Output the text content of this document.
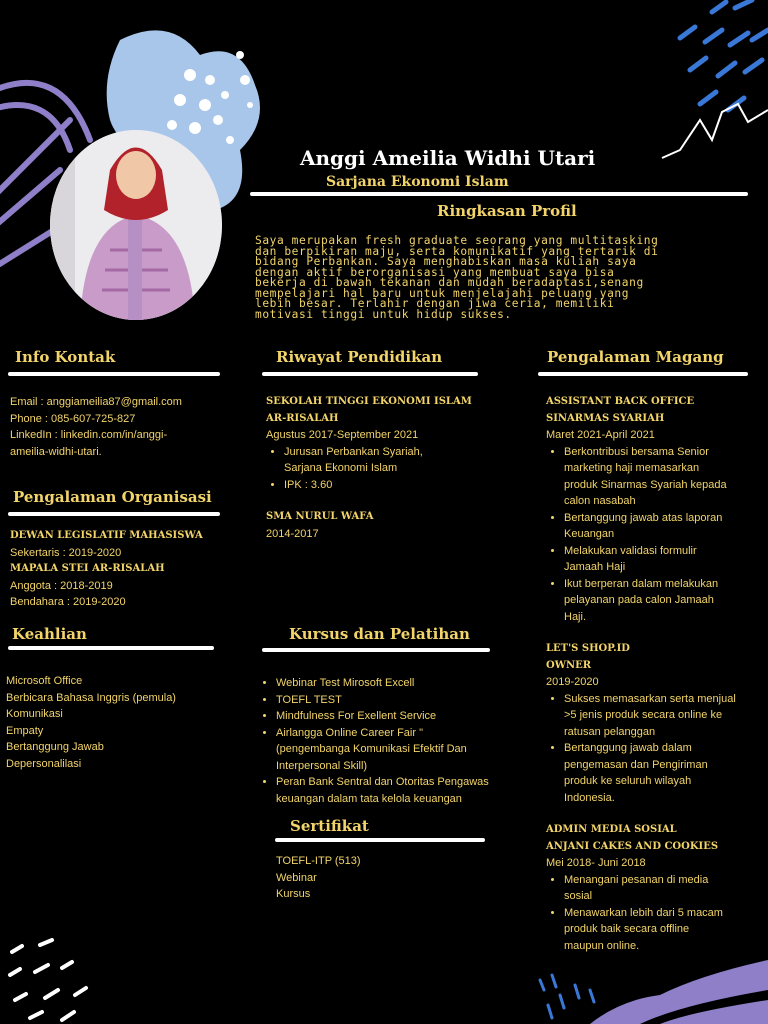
Anggi Ameilia Widhi Utari
Sarjana Ekonomi Islam
Ringkasan Profil
Saya merupakan fresh graduate seorang yang multitasking
dan berpikiran maju, serta komunikatif yang tertarik di
bidang Perbankan. Saya menghabiskan masa kuliah saya
dengan aktif berorganisasi yang membuat saya bisa
bekerja di bawah tekanan dan mudah beradaptasi,senang
mempelajari hal baru untuk menjelajahi peluang yang
lebih besar. Terlahir dengan jiwa ceria, memiliki
motivasi tinggi untuk hidup sukses.
Info Kontak
Email : anggiameilia87@gmail.com
Phone : 085-607-725-827
LinkedIn : linkedin.com/in/anggi-
ameilia-widhi-utari.
Pengalaman Organisasi
DEWAN LEGISLATIF MAHASISWA
Sekertaris : 2019-2020
MAPALA STEI AR-RISALAH
Anggota : 2018-2019
Bendahara : 2019-2020
Keahlian
Microsoft Office
Berbicara Bahasa Inggris (pemula)
Komunikasi
Empaty
Bertanggung Jawab
Depersonalilasi
Riwayat Pendidikan
SEKOLAH TINGGI EKONOMI ISLAM
AR-RISALAH
Agustus 2017-September 2021
• Jurusan Perbankan Syariah,
Sarjana Ekonomi Islam
• IPK : 3.60
SMA NURUL WAFA
2014-2017
Kursus dan Pelatihan
• Webinar Test Mirosoft Excell
• TOEFL TEST
• Mindfulness For Exellent Service
• Airlangga Online Career Fair "
(pengembanga Komunikasi Efektif Dan
Interpersonal Skill)
• Peran Bank Sentral dan Otoritas Pengawas
keuangan dalam tata kelola keuangan
Sertifikat
TOEFL-ITP (513)
Webinar
Kursus
Pengalaman Magang
ASSISTANT BACK OFFICE
SINARMAS SYARIAH
Maret 2021-April 2021
• Berkontribusi bersama Senior
marketing haji memasarkan
produk Sinarmas Syariah kepada
calon nasabah
• Bertanggung jawab atas laporan
Keuangan
• Melakukan validasi formulir
Jamaah Haji
• Ikut berperan dalam melakukan
pelayanan pada calon Jamaah
Haji.
LET'S SHOP.ID
OWNER
2019-2020
• Sukses memasarkan serta menjual
>5 jenis produk secara online ke
ratusan pelanggan
• Bertanggung jawab dalam
pengemasan dan Pengiriman
produk ke seluruh wilayah
Indonesia.
ADMIN MEDIA SOSIAL
ANJANI CAKES AND COOKIES
Mei 2018- Juni 2018
• Menangani pesanan di media
sosial
• Menawarkan lebih dari 5 macam
produk baik secara offline
maupun online.
